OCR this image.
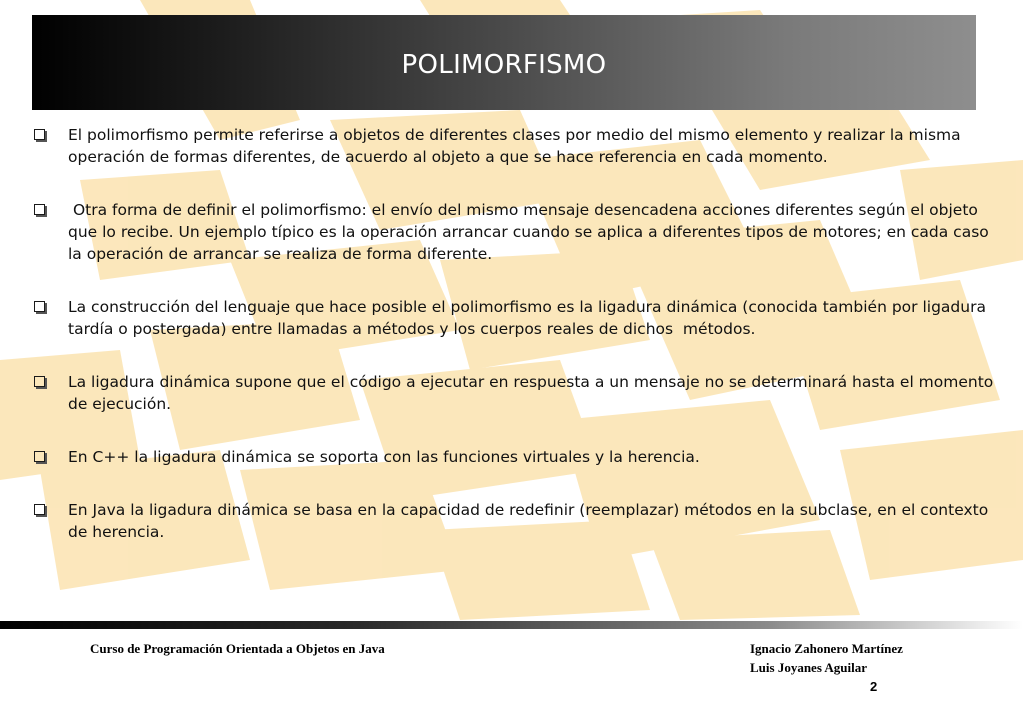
POLIMORFISMO
El polimorfismo permite referirse a objetos de diferentes clases por medio del mismo elemento y realizar la misma operación de formas diferentes, de acuerdo al objeto a que se hace referencia en cada momento.
Otra forma de definir el polimorfismo: el envío del mismo mensaje desencadena acciones diferentes según el objeto que lo recibe. Un ejemplo típico es la operación arrancar cuando se aplica a diferentes tipos de motores; en cada caso la operación de arrancar se realiza de forma diferente.
La construcción del lenguaje que hace posible el polimorfismo es la ligadura dinámica (conocida también por ligadura tardía o postergada) entre llamadas a métodos y los cuerpos reales de dichos  métodos.
La ligadura dinámica supone que el código a ejecutar en respuesta a un mensaje no se determinará hasta el momento de ejecución.
En C++ la ligadura dinámica se soporta con las funciones virtuales y la herencia.
En Java la ligadura dinámica se basa en la capacidad de redefinir (reemplazar) métodos en la subclase, en el contexto de herencia.
Curso de Programación Orientada a Objetos en Java	Ignacio Zahonero Martínez
Luis Joyanes Aguilar
2
